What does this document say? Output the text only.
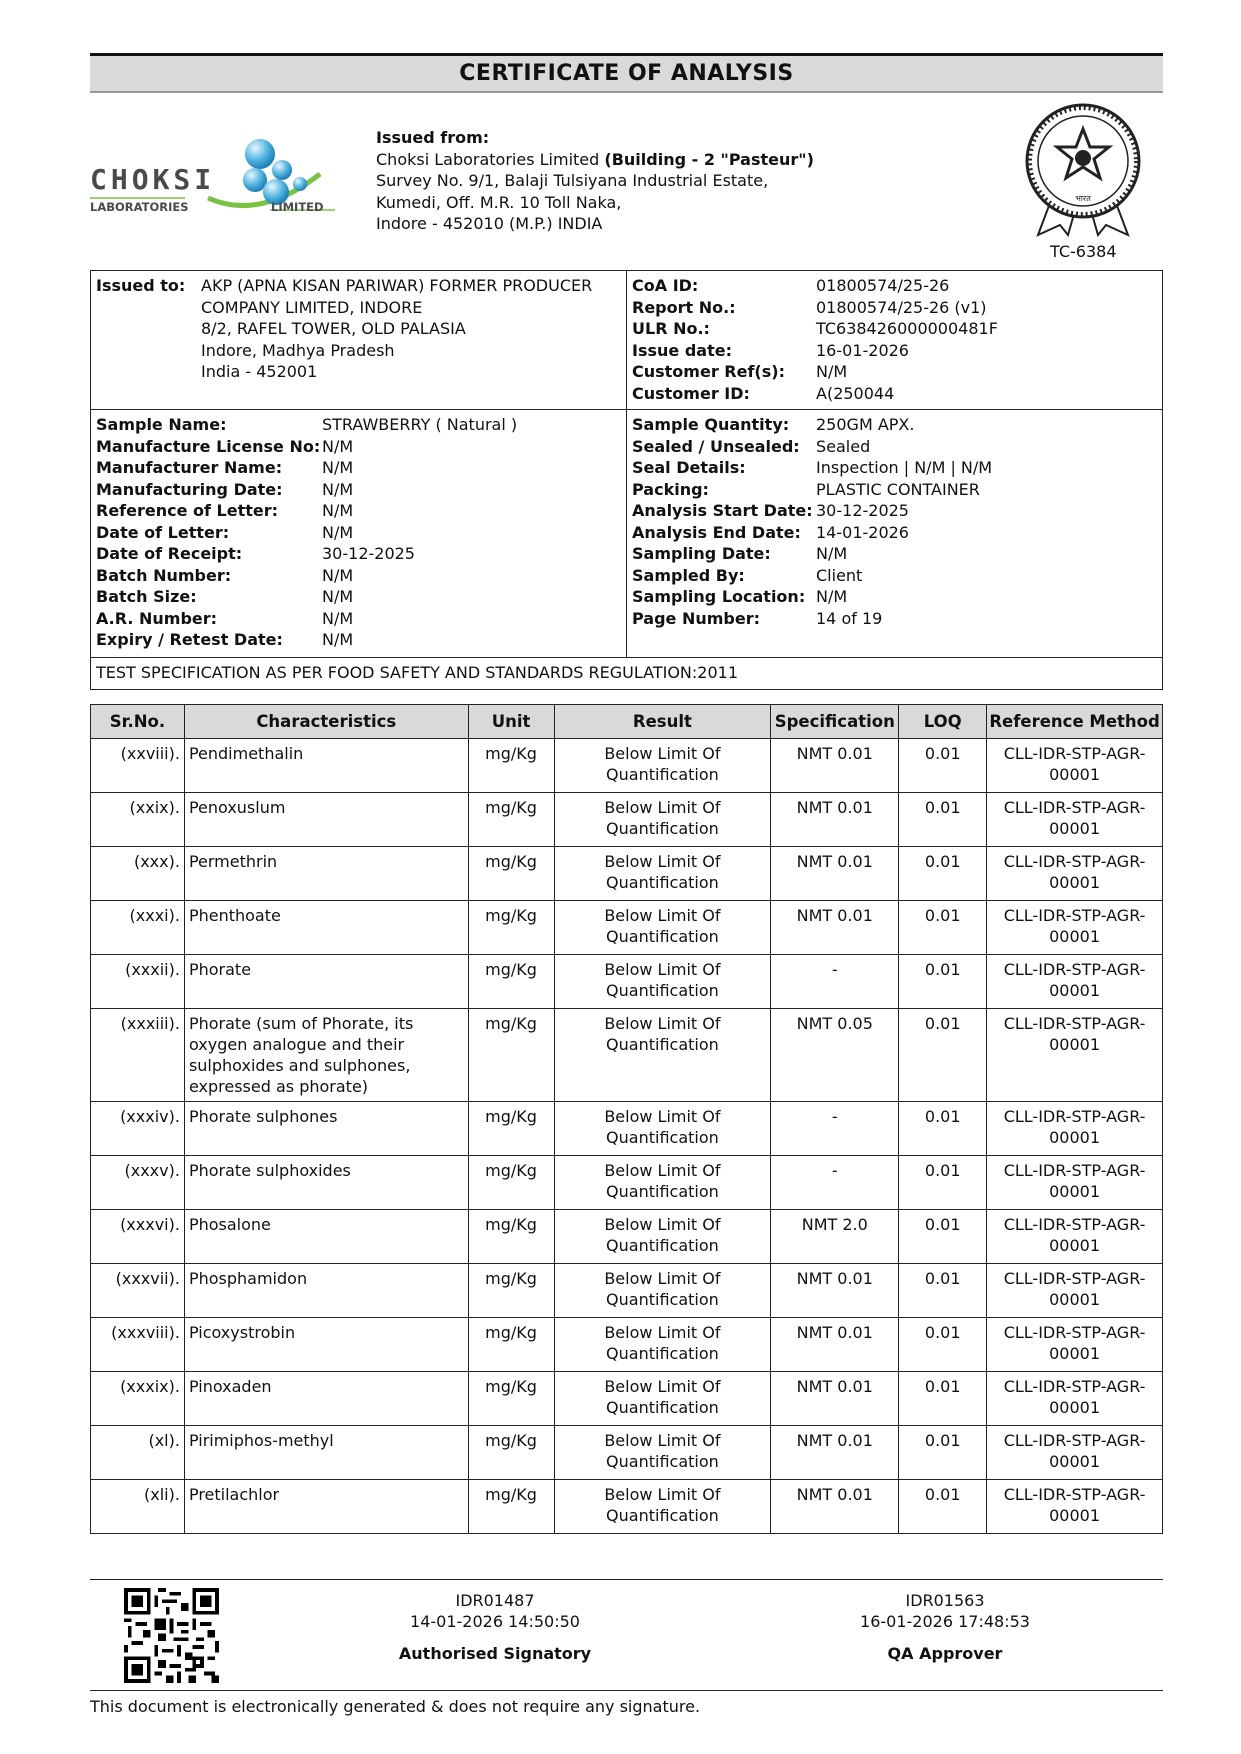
CERTIFICATE OF ANALYSIS
CHOKSI
LABORATORIES	LIMITED
Issued from:
Choksi Laboratories Limited (Building - 2 "Pasteur")
Survey No. 9/1, Balaji Tulsiyana Industrial Estate,
Kumedi, Off. M.R. 10 Toll Naka,
Indore - 452010 (M.P.) INDIA
भारत
TC-6384
Issued to: AKP (APNA KISAN PARIWAR) FORMER PRODUCER
COMPANY LIMITED, INDORE
8/2, RAFEL TOWER, OLD PALASIA
Indore, Madhya Pradesh
India - 452001
CoA ID:	01800574/25-26
Report No.:	01800574/25-26 (v1)
ULR No.:	TC638426000000481F
Issue date:	16-01-2026
Customer Ref(s):	N/M
Customer ID:	A(250044
Sample Name:	STRAWBERRY ( Natural )
Manufacture License No: N/M
Manufacturer Name:	N/M
Manufacturing Date:	N/M
Reference of Letter:	N/M
Date of Letter:	N/M
Date of Receipt:	30-12-2025
Batch Number:	N/M
Batch Size:	N/M
A.R. Number:	N/M
Expiry / Retest Date:	N/M
Sample Quantity:	250GM APX.
Sealed / Unsealed:	Sealed
Seal Details:	Inspection | N/M | N/M
Packing:	PLASTIC CONTAINER
Analysis Start Date: 30-12-2025
Analysis End Date: 14-01-2026
Sampling Date:	N/M
Sampled By:	Client
Sampling Location: N/M
Page Number:	14 of 19
TEST SPECIFICATION AS PER FOOD SAFETY AND STANDARDS REGULATION:2011
Sr.No.	Characteristics	Unit	Result	Specification	LOQ	Reference Method
(xxviii).	Pendimethalin	mg/Kg	Below Limit Of Quantification	NMT 0.01	0.01	CLL-IDR-STP-AGR-00001
(xxix).	Penoxuslum	mg/Kg	Below Limit Of Quantification	NMT 0.01	0.01	CLL-IDR-STP-AGR-00001
(xxx).	Permethrin	mg/Kg	Below Limit Of Quantification	NMT 0.01	0.01	CLL-IDR-STP-AGR-00001
(xxxi).	Phenthoate	mg/Kg	Below Limit Of Quantification	NMT 0.01	0.01	CLL-IDR-STP-AGR-00001
(xxxii).	Phorate	mg/Kg	Below Limit Of Quantification	-	0.01	CLL-IDR-STP-AGR-00001
(xxxiii).	Phorate (sum of Phorate, its oxygen analogue and their sulphoxides and sulphones, expressed as phorate)	mg/Kg	Below Limit Of Quantification	NMT 0.05	0.01	CLL-IDR-STP-AGR-00001
(xxxiv).	Phorate sulphones	mg/Kg	Below Limit Of Quantification	-	0.01	CLL-IDR-STP-AGR-00001
(xxxv).	Phorate sulphoxides	mg/Kg	Below Limit Of Quantification	-	0.01	CLL-IDR-STP-AGR-00001
(xxxvi).	Phosalone	mg/Kg	Below Limit Of Quantification	NMT 2.0	0.01	CLL-IDR-STP-AGR-00001
(xxxvii).	Phosphamidon	mg/Kg	Below Limit Of Quantification	NMT 0.01	0.01	CLL-IDR-STP-AGR-00001
(xxxviii).	Picoxystrobin	mg/Kg	Below Limit Of Quantification	NMT 0.01	0.01	CLL-IDR-STP-AGR-00001
(xxxix).	Pinoxaden	mg/Kg	Below Limit Of Quantification	NMT 0.01	0.01	CLL-IDR-STP-AGR-00001
(xl).	Pirimiphos-methyl	mg/Kg	Below Limit Of Quantification	NMT 0.01	0.01	CLL-IDR-STP-AGR-00001
(xli).	Pretilachlor	mg/Kg	Below Limit Of Quantification	NMT 0.01	0.01	CLL-IDR-STP-AGR-00001
IDR01487
14-01-2026 14:50:50
Authorised Signatory
IDR01563
16-01-2026 17:48:53
QA Approver
This document is electronically generated & does not require any signature.
